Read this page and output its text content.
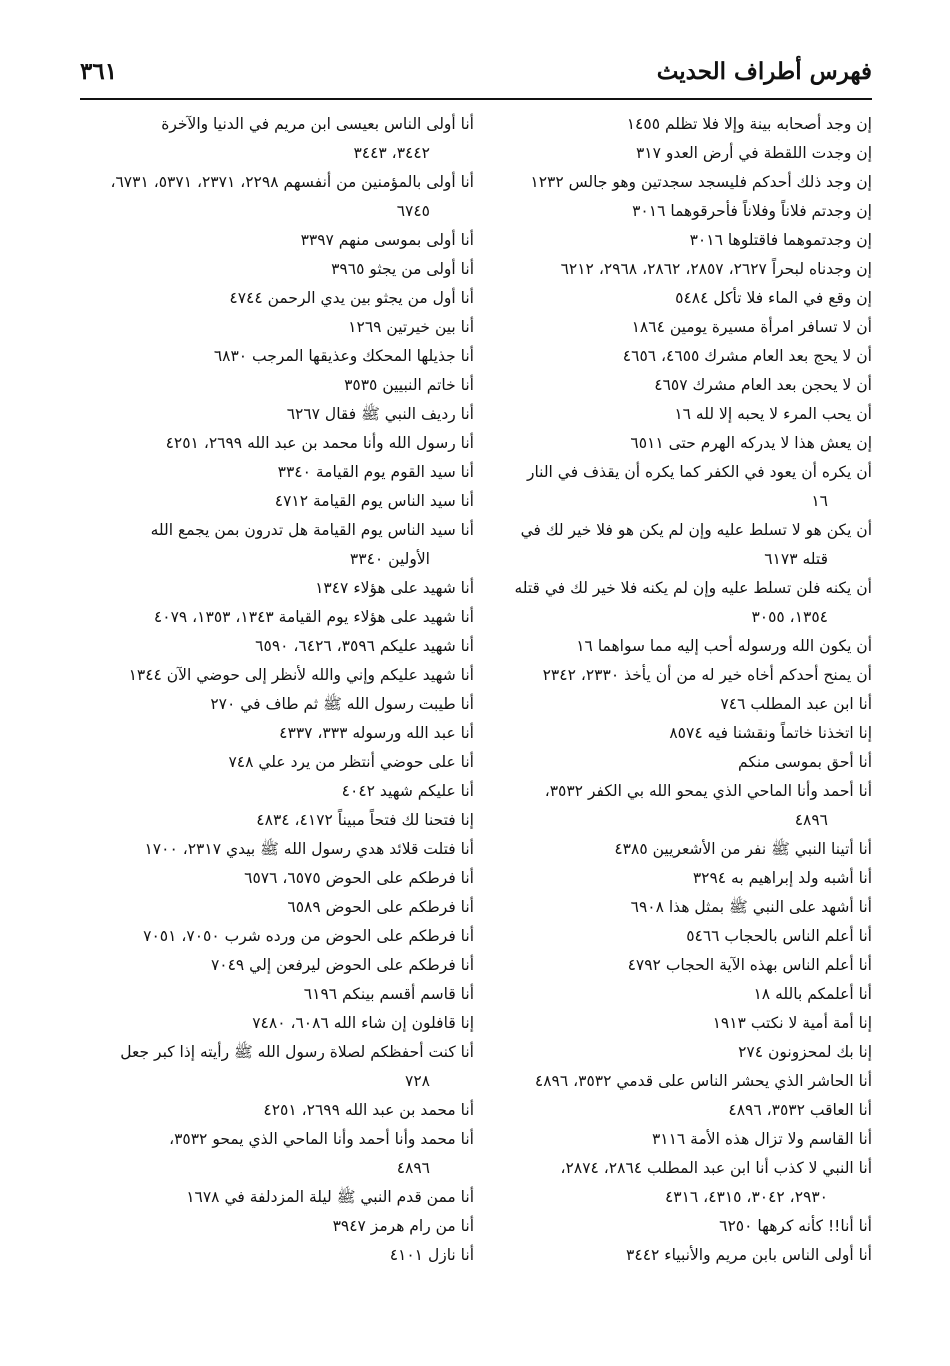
فهرس أطراف الحديث
٣٦١
إن وجد أصحابه بينة وإلا فلا تظلم ١٤٥٥
إن وجدت اللقطة في أرض العدو ٣١٧
إن وجد ذلك أحدكم فليسجد سجدتين وهو جالس ١٢٣٢
إن وجدتم فلاناً وفلاناً فأحرقوهما ٣٠١٦
إن وجدتموهما فاقتلوها ٣٠١٦
إن وجدناه لبحراً ٢٦٢٧، ٢٨٥٧، ٢٨٦٢، ٢٩٦٨، ٦٢١٢
إن وقع في الماء فلا تأكل ٥٤٨٤
أن لا تسافر امرأة مسيرة يومين ١٨٦٤
أن لا يحج بعد العام مشرك ٤٦٥٥، ٤٦٥٦
أن لا يحجن بعد العام مشرك ٤٦٥٧
أن يحب المرء لا يحبه إلا لله ١٦
إن يعش هذا لا يدركه الهرم حتى ٦٥١١
أن يكره أن يعود في الكفر كما يكره أن يقذف في النار
١٦
أن يكن هو لا تسلط عليه وإن لم يكن هو فلا خير لك في
قتله ٦١٧٣
أن يكنه فلن تسلط عليه وإن لم يكنه فلا خير لك في قتله
١٣٥٤، ٣٠٥٥
أن يكون الله ورسوله أحب إليه مما سواهما ١٦
أن يمنح أحدكم أخاه خير له من أن يأخذ ٢٣٣٠، ٢٣٤٢
أنا ابن عبد المطلب ٧٤٦
إنا اتخذنا خاتماً ونقشنا فيه ٨٥٧٤
أنا أحق بموسى منكم
أنا أحمد وأنا الماحي الذي يمحو الله بي الكفر ٣٥٣٢،
٤٨٩٦
أنا أتينا النبي ﷺ نفر من الأشعريين ٤٣٨٥
أنا أشبه ولد إبراهيم به ٣٢٩٤
أنا أشهد على النبي ﷺ بمثل هذا ٦٩٠٨
أنا أعلم الناس بالحجاب ٥٤٦٦
أنا أعلم الناس بهذه الآية الحجاب ٤٧٩٢
أنا أعلمكم بالله ١٨
إنا أمة أمية لا نكتب ١٩١٣
إنا بك لمحزونون ٢٧٤
أنا الحاشر الذي يحشر الناس على قدمي ٣٥٣٢، ٤٨٩٦
أنا العاقب ٣٥٣٢، ٤٨٩٦
أنا القاسم ولا تزال هذه الأمة ٣١١٦
أنا النبي لا كذب أنا ابن عبد المطلب ٢٨٦٤، ٢٨٧٤،
٢٩٣٠، ٣٠٤٢، ٤٣١٥، ٤٣١٦
أنا أنا!! كأنه كرهها ٦٢٥٠
أنا أولى الناس بابن مريم والأنبياء ٣٤٤٢
أنا أولى الناس بعيسى ابن مريم في الدنيا والآخرة
٣٤٤٢، ٣٤٤٣
أنا أولى بالمؤمنين من أنفسهم ٢٢٩٨، ٢٣٧١، ٥٣٧١، ٦٧٣١،
٦٧٤٥
أنا أولى بموسى منهم ٣٣٩٧
أنا أولى من يجثو ٣٩٦٥
أنا أول من يجثو بين يدي الرحمن ٤٧٤٤
أنا بين خيرتين ١٢٦٩
أنا جذيلها المحكك وعذيقها المرجب ٦٨٣٠
أنا خاتم النبيين ٣٥٣٥
أنا رديف النبي ﷺ فقال ٦٢٦٧
أنا رسول الله وأنا محمد بن عبد الله ٢٦٩٩، ٤٢٥١
أنا سيد القوم يوم القيامة ٣٣٤٠
أنا سيد الناس يوم القيامة ٤٧١٢
أنا سيد الناس يوم القيامة هل تدرون بمن يجمع الله
الأولين ٣٣٤٠
أنا شهيد على هؤلاء ١٣٤٧
أنا شهيد على هؤلاء يوم القيامة ١٣٤٣، ١٣٥٣، ٤٠٧٩
أنا شهيد عليكم ٣٥٩٦، ٦٤٢٦، ٦٥٩٠
أنا شهيد عليكم وإني والله لأنظر إلى حوضي الآن ١٣٤٤
أنا طيبت رسول الله ﷺ ثم طاف في ٢٧٠
أنا عبد الله ورسوله ٣٣٣، ٤٣٣٧
أنا على حوضي أنتظر من يرد علي ٧٤٨
أنا عليكم شهيد ٤٠٤٢
إنا فتحنا لك فتحاً مبيناً ٤١٧٢، ٤٨٣٤
أنا فتلت قلائد هدي رسول الله ﷺ بيدي ٢٣١٧، ١٧٠٠
أنا فرطكم على الحوض ٦٥٧٥، ٦٥٧٦
أنا فرطكم على الحوض ٦٥٨٩
أنا فرطكم على الحوض من ورده شرب ٧٠٥٠، ٧٠٥١
أنا فرطكم على الحوض ليرفعن إلي ٧٠٤٩
أنا قاسم أقسم بينكم ٦١٩٦
إنا قافلون إن شاء الله ٦٠٨٦، ٧٤٨٠
أنا كنت أحفظكم لصلاة رسول الله ﷺ رأيته إذا كبر جعل
٧٢٨
أنا محمد بن عبد الله ٢٦٩٩، ٤٢٥١
أنا محمد وأنا أحمد وأنا الماحي الذي يمحو ٣٥٣٢،
٤٨٩٦
أنا ممن قدم النبي ﷺ ليلة المزدلفة في ١٦٧٨
أنا من رام هرمز ٣٩٤٧
أنا نازل ٤١٠١
